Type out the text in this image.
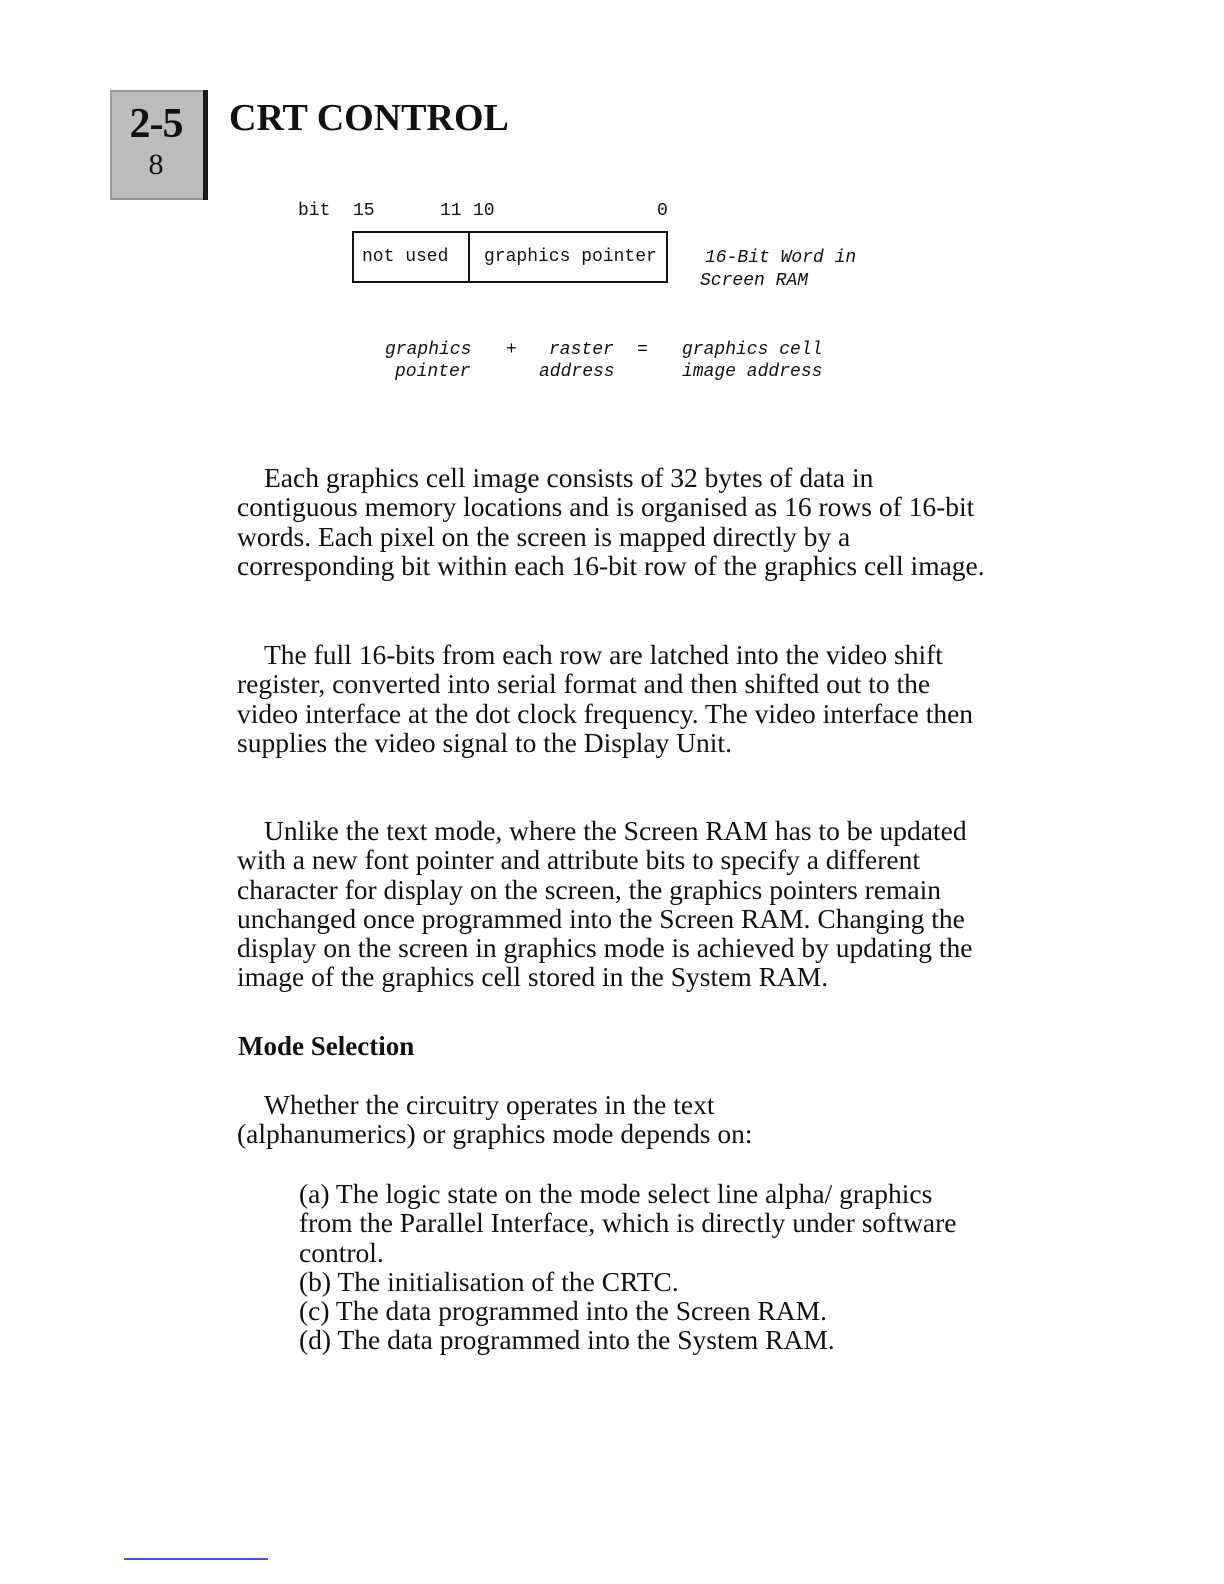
2-5
8
CRT CONTROL
bit 15	11 10	0
not used graphics pointer	16-Bit Word in
Screen RAM
graphics
pointer
+ raster
address
= graphics cell
image address

Each graphics cell image consists of 32 bytes of data in contiguous memory locations and is organised as 16 rows of 16-bit words. Each pixel on the screen is mapped directly by a corresponding bit within each 16-bit row of the graphics cell image.

The full 16-bits from each row are latched into the video shift register, converted into serial format and then shifted out to the video interface at the dot clock frequency. The video interface then supplies the video signal to the Display Unit.

Unlike the text mode, where the Screen RAM has to be updated with a new font pointer and attribute bits to specify a different character for display on the screen, the graphics pointers remain unchanged once programmed into the Screen RAM. Changing the display on the screen in graphics mode is achieved by updating the image of the graphics cell stored in the System RAM.

Mode Selection

Whether the circuitry operates in the text (alphanumerics) or graphics mode depends on:

(a) The logic state on the mode select line alpha/ graphics from the Parallel Interface, which is directly under software control.
(b) The initialisation of the CRTC.
(c) The data programmed into the Screen RAM.
(d) The data programmed into the System RAM.
